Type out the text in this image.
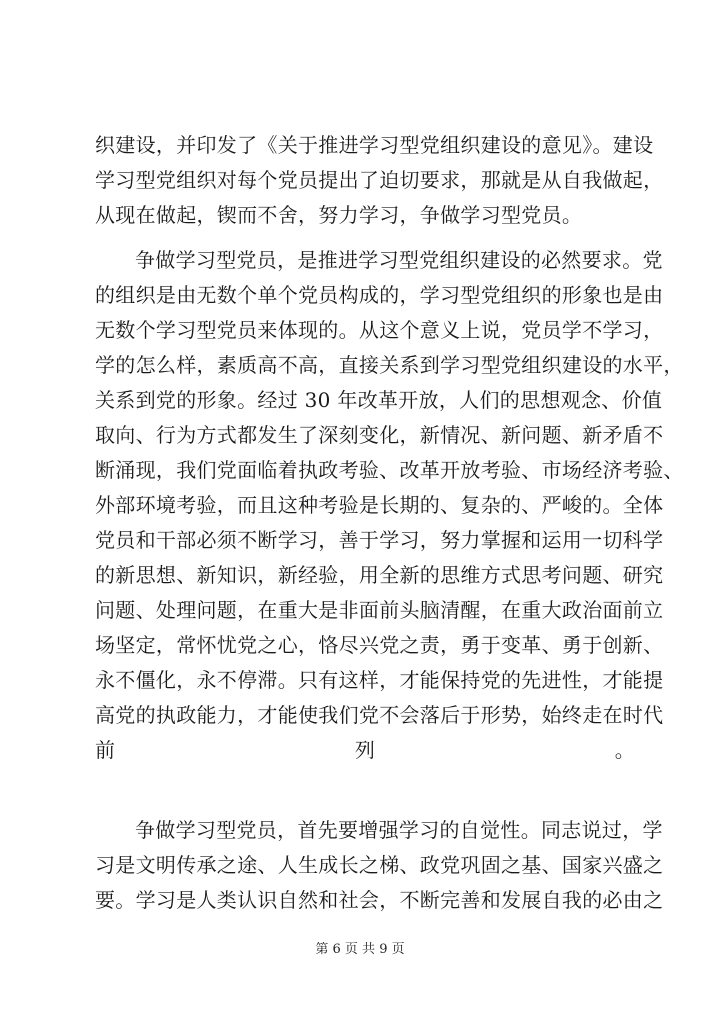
织建设，并印发了《关于推进学习型党组织建设的意见》。建设
学习型党组织对每个党员提出了迫切要求，那就是从自我做起，
从现在做起，锲而不舍，努力学习，争做学习型党员。
争做学习型党员，是推进学习型党组织建设的必然要求。党
的组织是由无数个单个党员构成的，学习型党组织的形象也是由
无数个学习型党员来体现的。从这个意义上说，党员学不学习，
学的怎么样，素质高不高，直接关系到学习型党组织建设的水平，
关系到党的形象。经过 30 年改革开放，人们的思想观念、价值
取向、行为方式都发生了深刻变化，新情况、新问题、新矛盾不
断涌现，我们党面临着执政考验、改革开放考验、市场经济考验、
外部环境考验，而且这种考验是长期的、复杂的、严峻的。全体
党员和干部必须不断学习，善于学习，努力掌握和运用一切科学
的新思想、新知识，新经验，用全新的思维方式思考问题、研究
问题、处理问题，在重大是非面前头脑清醒，在重大政治面前立
场坚定，常怀忧党之心，恪尽兴党之责，勇于变革、勇于创新、
永不僵化，永不停滞。只有这样，才能保持党的先进性，才能提
高党的执政能力，才能使我们党不会落后于形势，始终走在时代
前列。
争做学习型党员，首先要增强学习的自觉性。同志说过，学
习是文明传承之途、人生成长之梯、政党巩固之基、国家兴盛之
要。学习是人类认识自然和社会，不断完善和发展自我的必由之
第 6 页 共 9 页
